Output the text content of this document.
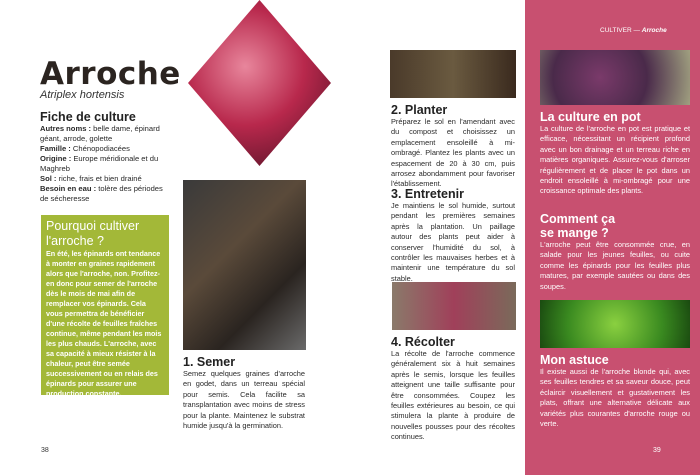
Arroche
Atriplex hortensis
Fiche de culture
Autres noms : belle dame, épinard géant, arrode, golette
Famille : Chénopodiacées
Origine : Europe méridionale et du Maghreb
Sol : riche, frais et bien drainé
Besoin en eau : tolère des périodes de sécheresse
Pourquoi cultiver l'arroche ?

En été, les épinards ont tendance à monter en graines rapidement alors que l'arroche, non. Profitez-en donc pour semer de l'arroche dès le mois de mai afin de remplacer vos épinards. Cela vous permettra de bénéficier d'une récolte de feuilles fraîches continue, même pendant les mois les plus chauds. L'arroche, avec sa capacité à mieux résister à la chaleur, peut être semée successivement ou en relais des épinards pour assurer une production constante.

1. Semer

Semez quelques graines d'arroche en godet, dans un terreau spécial pour semis. Cela facilite sa transplantation avec moins de stress pour la plante. Maintenez le substrat humide jusqu'à la germination.

2. Planter

Préparez le sol en l'amendant avec du compost et choisissez un emplacement ensoleillé à mi-ombragé. Plantez les plants avec un espacement de 20 à 30 cm, puis arrosez abondamment pour favoriser l'établissement.

3. Entretenir

Je maintiens le sol humide, surtout pendant les premières semaines après la plantation. Un paillage autour des plants peut aider à conserver l'humidité du sol, à contrôler les mauvaises herbes et à maintenir une température du sol stable.

4. Récolter

La récolte de l'arroche commence généralement six à huit semaines après le semis, lorsque les feuilles atteignent une taille suffisante pour être consommées. Coupez les feuilles extérieures au besoin, ce qui stimulera la plante à produire de nouvelles pousses pour des récoltes continues.

38
CULTIVER — Arroche
La culture en pot

La culture de l'arroche en pot est pratique et efficace, nécessitant un récipient profond avec un bon drainage et un terreau riche en matières organiques. Assurez-vous d'arroser régulièrement et de placer le pot dans un endroit ensoleillé à mi-ombragé pour une croissance optimale des plants.

Comment ça se mange ?

L'arroche peut être consommée crue, en salade pour les jeunes feuilles, ou cuite comme les épinards pour les feuilles plus matures, par exemple sautées ou dans des soupes.

Mon astuce

Il existe aussi de l'arroche blonde qui, avec ses feuilles tendres et sa saveur douce, peut éclaircir visuellement et gustativement les plats, offrant une alternative délicate aux variétés plus courantes d'arroche rouge ou verte.

39
